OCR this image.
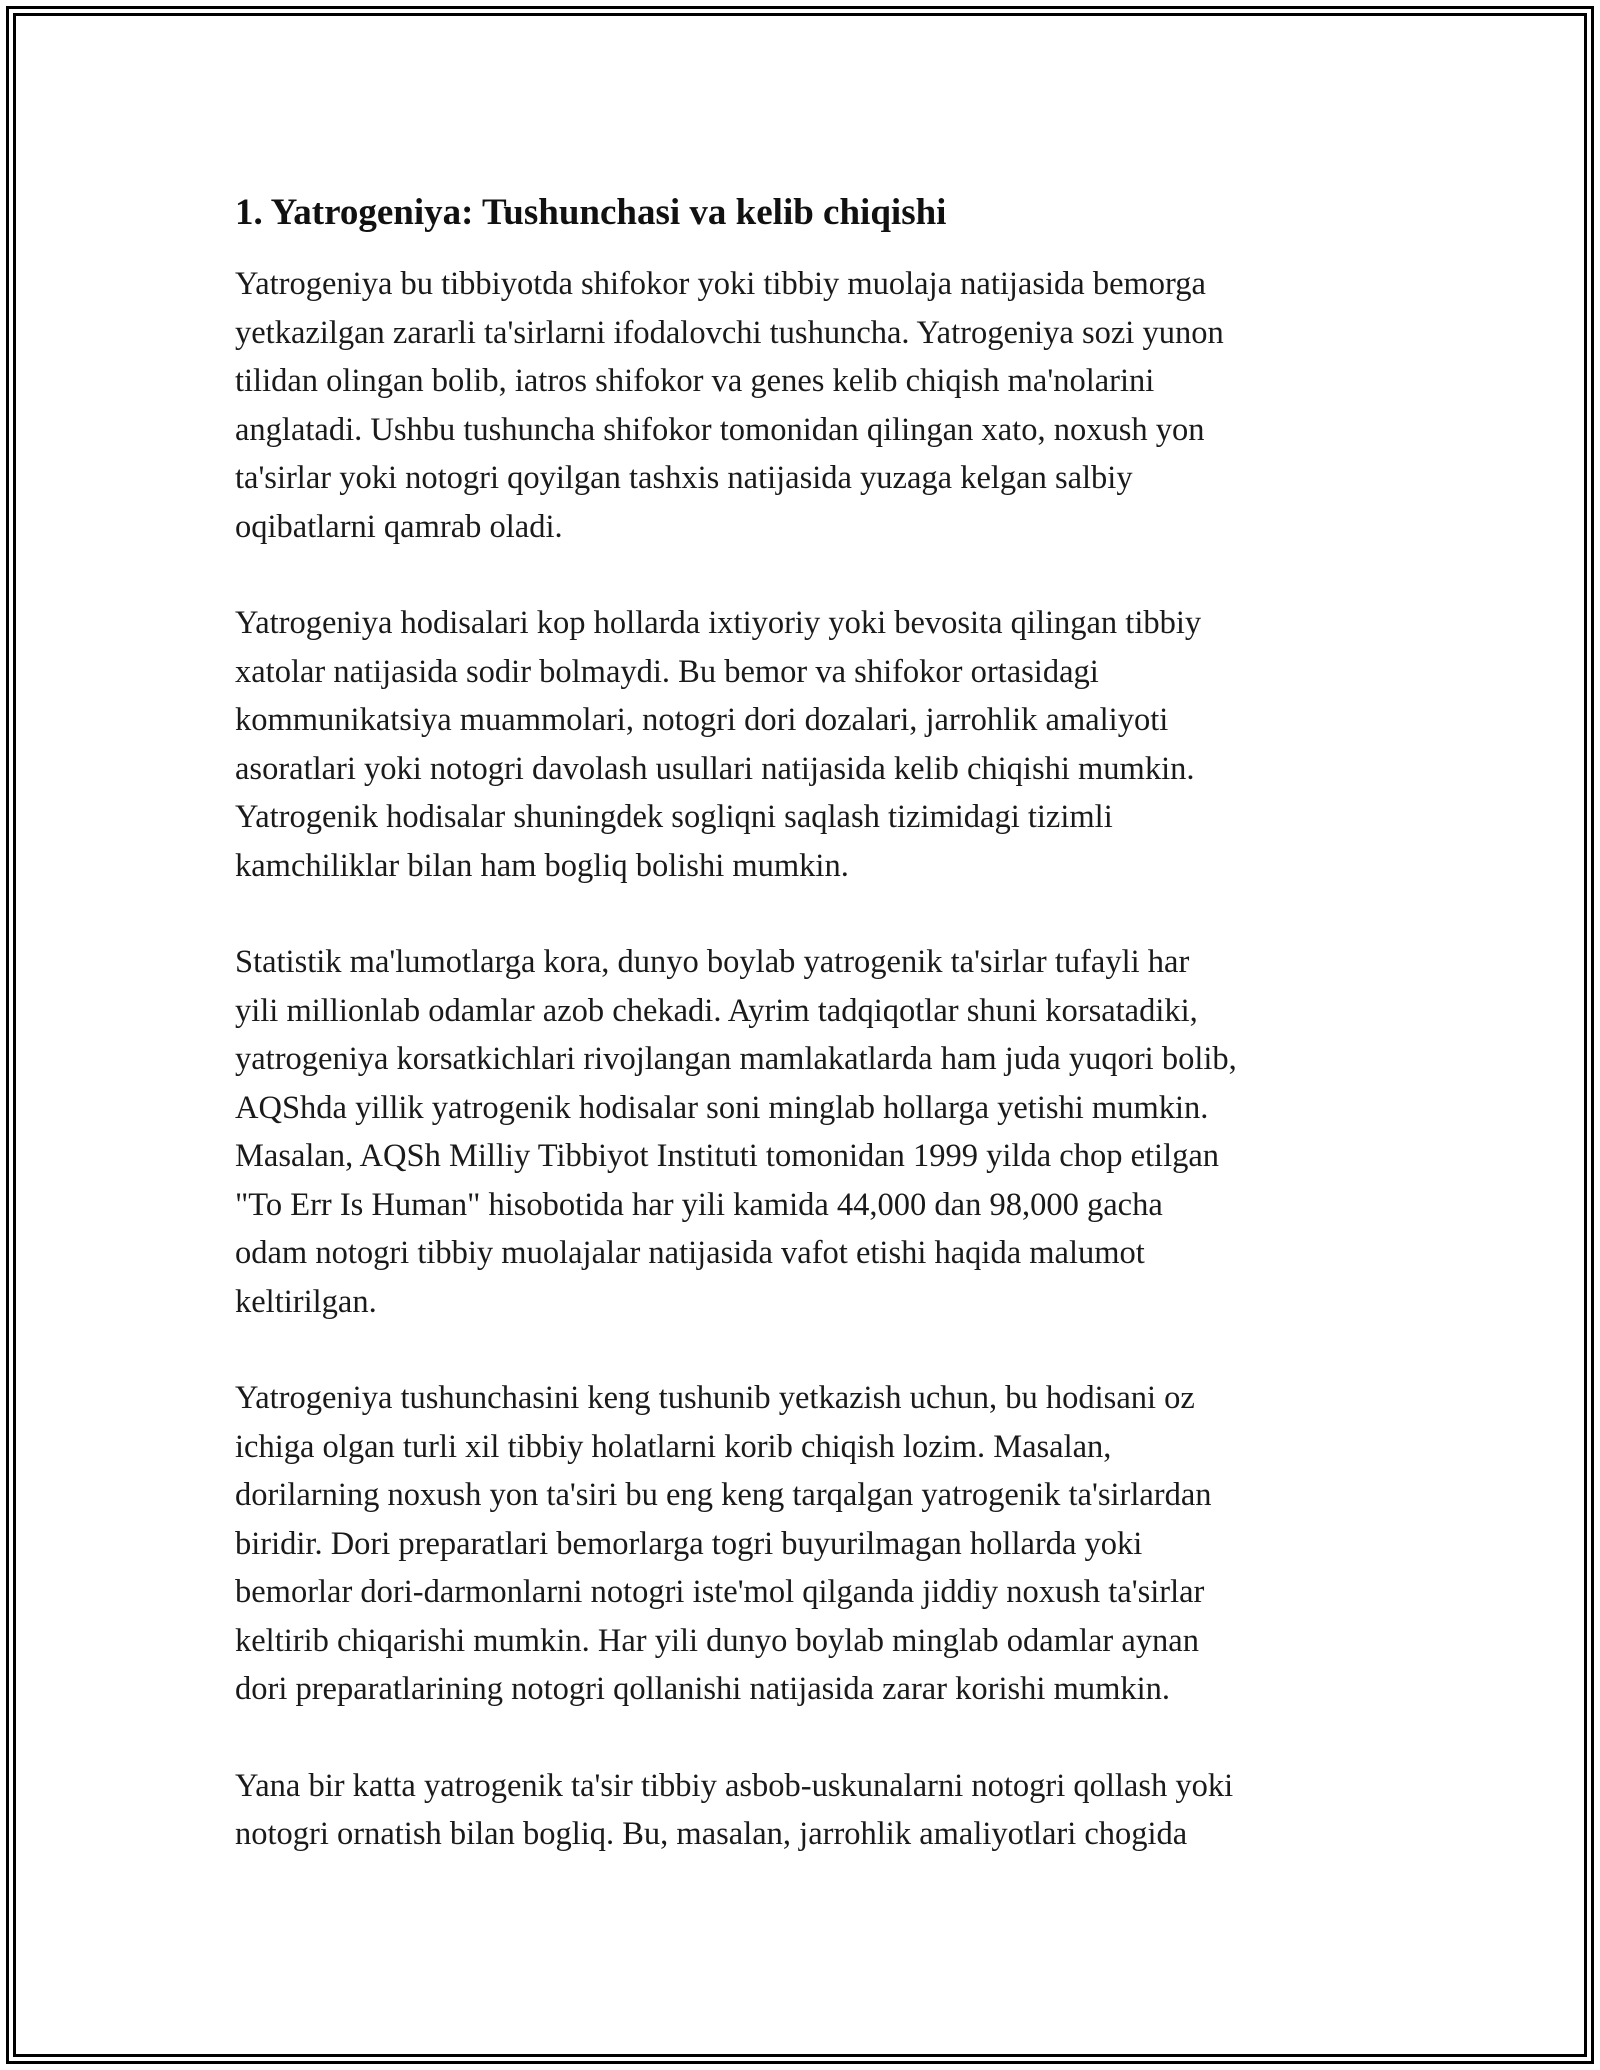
1. Yatrogeniya: Tushunchasi va kelib chiqishi

Yatrogeniya bu tibbiyotda shifokor yoki tibbiy muolaja natijasida bemorga
yetkazilgan zararli ta'sirlarni ifodalovchi tushuncha. Yatrogeniya sozi yunon
tilidan olingan bolib, iatros shifokor va genes kelib chiqish ma'nolarini
anglatadi. Ushbu tushuncha shifokor tomonidan qilingan xato, noxush yon
ta'sirlar yoki notogri qoyilgan tashxis natijasida yuzaga kelgan salbiy
oqibatlarni qamrab oladi.

Yatrogeniya hodisalari kop hollarda ixtiyoriy yoki bevosita qilingan tibbiy
xatolar natijasida sodir bolmaydi. Bu bemor va shifokor ortasidagi
kommunikatsiya muammolari, notogri dori dozalari, jarrohlik amaliyoti
asoratlari yoki notogri davolash usullari natijasida kelib chiqishi mumkin.
Yatrogenik hodisalar shuningdek sogliqni saqlash tizimidagi tizimli
kamchiliklar bilan ham bogliq bolishi mumkin.

Statistik ma'lumotlarga kora, dunyo boylab yatrogenik ta'sirlar tufayli har
yili millionlab odamlar azob chekadi. Ayrim tadqiqotlar shuni korsatadiki,
yatrogeniya korsatkichlari rivojlangan mamlakatlarda ham juda yuqori bolib,
AQShda yillik yatrogenik hodisalar soni minglab hollarga yetishi mumkin.
Masalan, AQSh Milliy Tibbiyot Instituti tomonidan 1999 yilda chop etilgan
"To Err Is Human" hisobotida har yili kamida 44,000 dan 98,000 gacha
odam notogri tibbiy muolajalar natijasida vafot etishi haqida malumot
keltirilgan.

Yatrogeniya tushunchasini keng tushunib yetkazish uchun, bu hodisani oz
ichiga olgan turli xil tibbiy holatlarni korib chiqish lozim. Masalan,
dorilarning noxush yon ta'siri bu eng keng tarqalgan yatrogenik ta'sirlardan
biridir. Dori preparatlari bemorlarga togri buyurilmagan hollarda yoki
bemorlar dori-darmonlarni notogri iste'mol qilganda jiddiy noxush ta'sirlar
keltirib chiqarishi mumkin. Har yili dunyo boylab minglab odamlar aynan
dori preparatlarining notogri qollanishi natijasida zarar korishi mumkin.

Yana bir katta yatrogenik ta'sir tibbiy asbob-uskunalarni notogri qollash yoki
notogri ornatish bilan bogliq. Bu, masalan, jarrohlik amaliyotlari chogida
